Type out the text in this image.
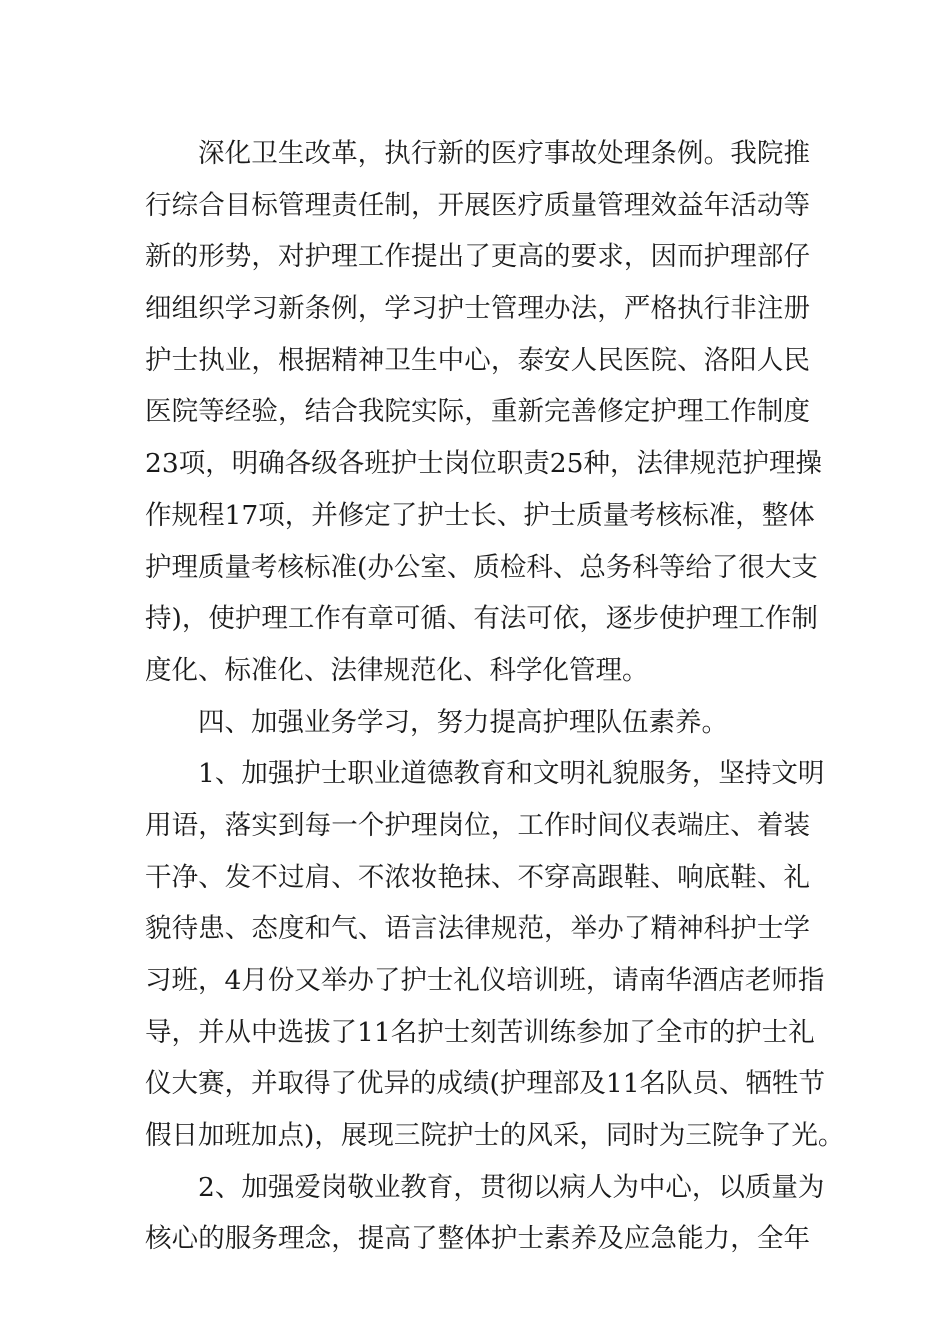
深化卫生改革，执行新的医疗事故处理条例。我院推
行综合目标管理责任制，开展医疗质量管理效益年活动等
新的形势，对护理工作提出了更高的要求，因而护理部仔
细组织学习新条例，学习护士管理办法，严格执行非注册
护士执业，根据精神卫生中心，泰安人民医院、洛阳人民
医院等经验，结合我院实际，重新完善修定护理工作制度
23项，明确各级各班护士岗位职责25种，法律规范护理操
作规程17项，并修定了护士长、护士质量考核标准，整体
护理质量考核标准(办公室、质检科、总务科等给了很大支
持)，使护理工作有章可循、有法可依，逐步使护理工作制
度化、标准化、法律规范化、科学化管理。
四、加强业务学习，努力提高护理队伍素养。
1、加强护士职业道德教育和文明礼貌服务，坚持文明
用语，落实到每一个护理岗位，工作时间仪表端庄、着装
干净、发不过肩、不浓妆艳抹、不穿高跟鞋、响底鞋、礼
貌待患、态度和气、语言法律规范，举办了精神科护士学
习班，4月份又举办了护士礼仪培训班，请南华酒店老师指
导，并从中选拔了11名护士刻苦训练参加了全市的护士礼
仪大赛，并取得了优异的成绩(护理部及11名队员、牺牲节
假日加班加点)，展现三院护士的风采，同时为三院争了光。
2、加强爱岗敬业教育，贯彻以病人为中心，以质量为
核心的服务理念，提高了整体护士素养及应急能力，全年
